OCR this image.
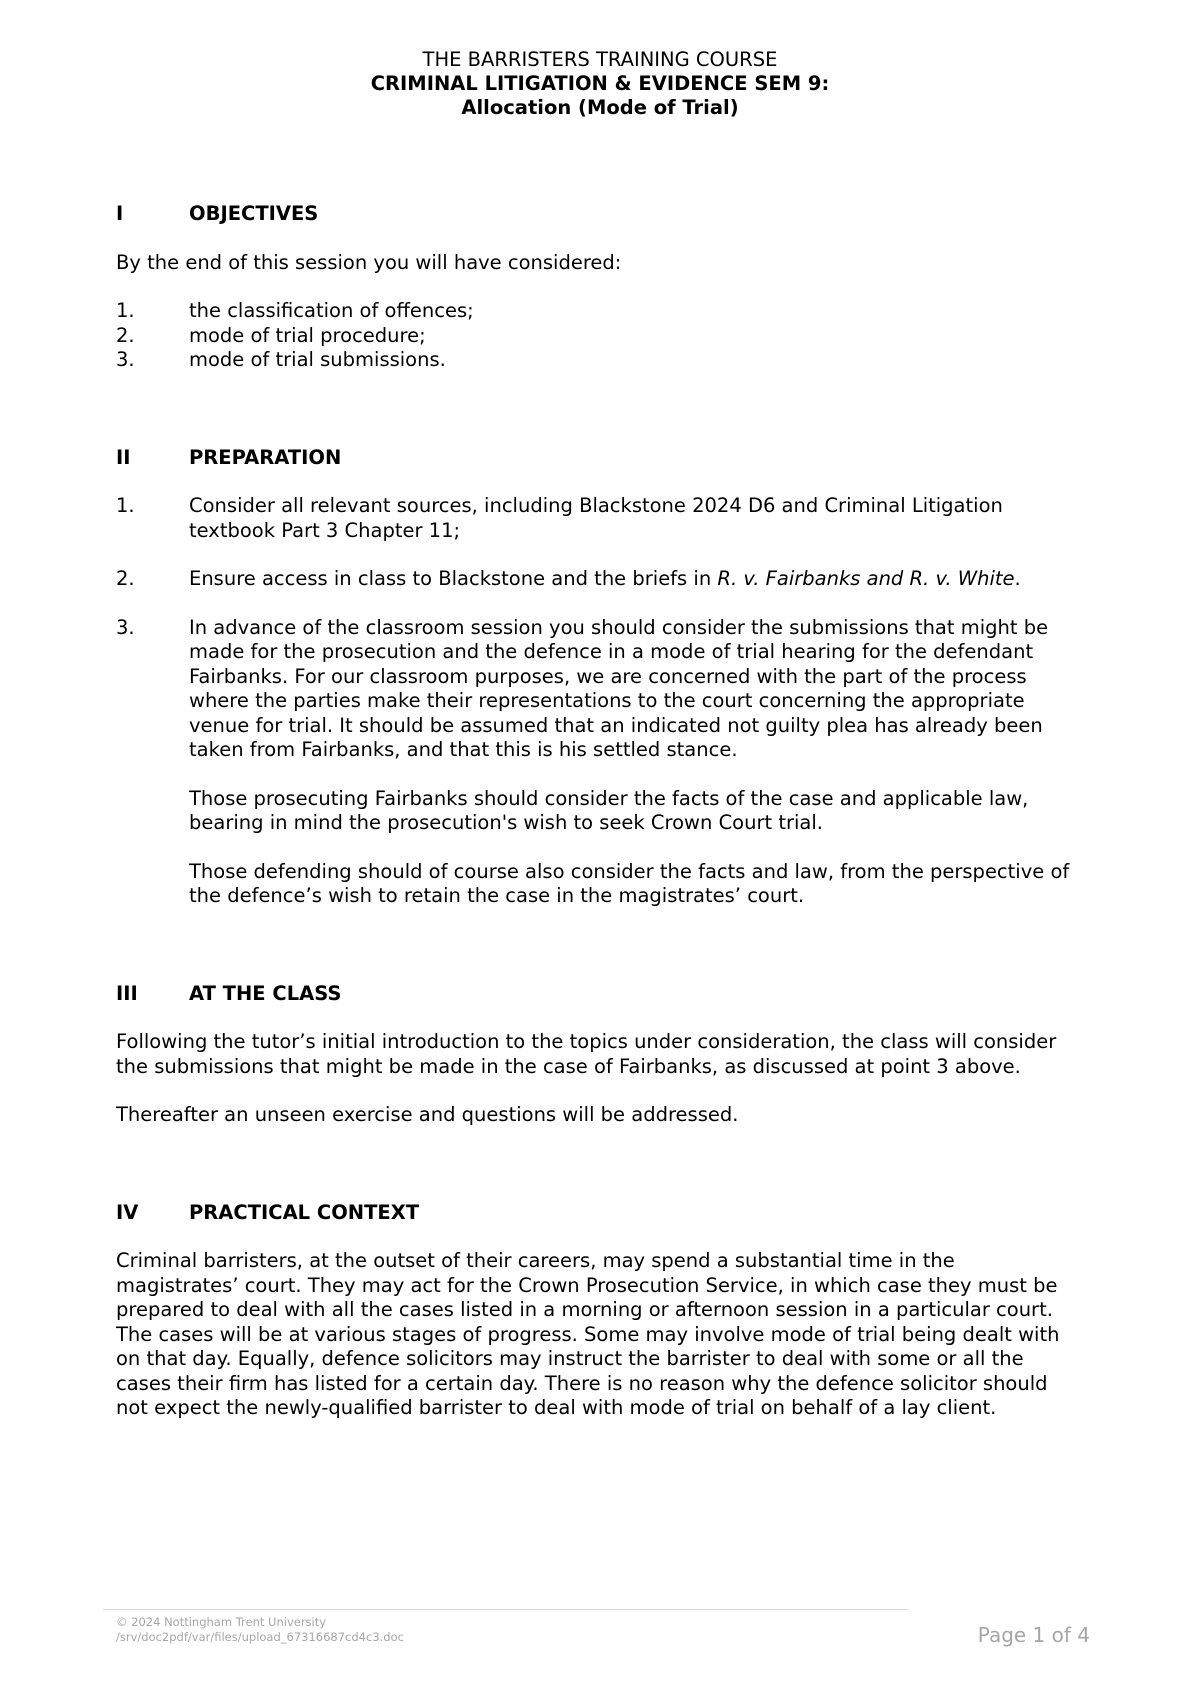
THE BARRISTERS TRAINING COURSE
CRIMINAL LITIGATION & EVIDENCE SEM 9:
Allocation (Mode of Trial)
I	OBJECTIVES

By the end of this session you will have considered:

1.	the classification of offences;
2.	mode of trial procedure;
3.	mode of trial submissions.
II	PREPARATION
1.	Consider all relevant sources, including Blackstone 2024 D6 and Criminal Litigation textbook Part 3 Chapter 11;
2.	Ensure access in class to Blackstone and the briefs in R. v. Fairbanks and R. v. White.
3.	In advance of the classroom session you should consider the submissions that might be made for the prosecution and the defence in a mode of trial hearing for the defendant Fairbanks. For our classroom purposes, we are concerned with the part of the process where the parties make their representations to the court concerning the appropriate venue for trial. It should be assumed that an indicated not guilty plea has already been taken from Fairbanks, and that this is his settled stance.

Those prosecuting Fairbanks should consider the facts of the case and applicable law, bearing in mind the prosecution's wish to seek Crown Court trial.

Those defending should of course also consider the facts and law, from the perspective of the defence’s wish to retain the case in the magistrates’ court.

III	AT THE CLASS

Following the tutor’s initial introduction to the topics under consideration, the class will consider the submissions that might be made in the case of Fairbanks, as discussed at point 3 above.

Thereafter an unseen exercise and questions will be addressed.

IV	PRACTICAL CONTEXT

Criminal barristers, at the outset of their careers, may spend a substantial time in the magistrates’ court. They may act for the Crown Prosecution Service, in which case they must be prepared to deal with all the cases listed in a morning or afternoon session in a particular court. The cases will be at various stages of progress. Some may involve mode of trial being dealt with on that day. Equally, defence solicitors may instruct the barrister to deal with some or all the cases their firm has listed for a certain day. There is no reason why the defence solicitor should not expect the newly-qualified barrister to deal with mode of trial on behalf of a lay client.

© 2024 Nottingham Trent University
/srv/doc2pdf/var/files/upload_67316687cd4c3.doc	Page 1 of 4
